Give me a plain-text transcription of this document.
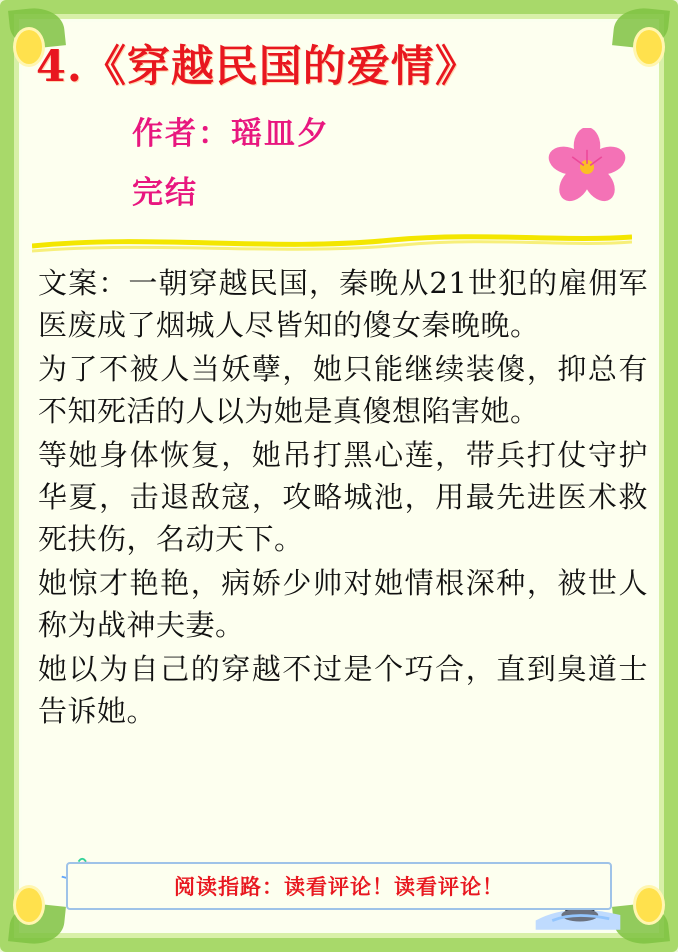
4.《穿越民国的爱情》
作者：瑶皿夕
完结

文案：一朝穿越民国，秦晚从21世犯的雇佣军医废成了烟城人尽皆知的傻女秦晚晚。

为了不被人当妖孽，她只能继续装傻，抑总有不知死活的人以为她是真傻想陷害她。

等她身体恢复，她吊打黑心莲，带兵打仗守护华夏，击退敌寇，攻略城池，用最先进医术救死扶伤，名动天下。

她惊才艳艳，病娇少帅对她情根深种，被世人称为战神夫妻。

她以为自己的穿越不过是个巧合，直到臭道士告诉她。

阅读指路：读看评论！读看评论！
